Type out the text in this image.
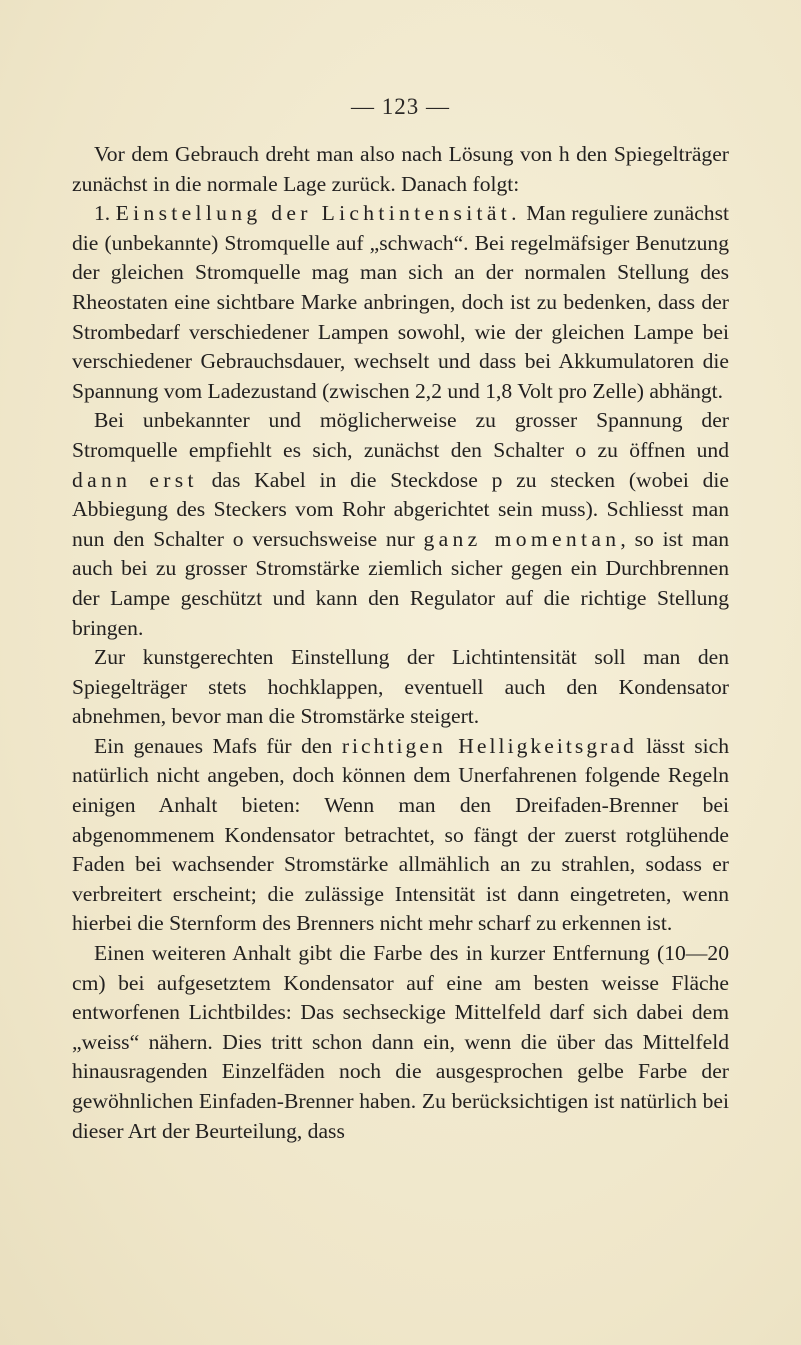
— 123 —

Vor dem Gebrauch dreht man also nach Lösung von h den Spiegelträger zunächst in die normale Lage zurück. Danach folgt:

1. Einstellung der Lichtintensität. Man reguliere zunächst die (unbekannte) Stromquelle auf „schwach“. Bei regelmäfsiger Benutzung der gleichen Stromquelle mag man sich an der normalen Stellung des Rheostaten eine sichtbare Marke anbringen, doch ist zu bedenken, dass der Strombedarf verschiedener Lampen sowohl, wie der gleichen Lampe bei verschiedener Gebrauchsdauer, wechselt und dass bei Akkumulatoren die Spannung vom Ladezustand (zwischen 2,2 und 1,8 Volt pro Zelle) abhängt.

Bei unbekannter und möglicherweise zu grosser Spannung der Stromquelle empfiehlt es sich, zunächst den Schalter o zu öffnen und dann erst das Kabel in die Steckdose p zu stecken (wobei die Abbiegung des Steckers vom Rohr abgerichtet sein muss). Schliesst man nun den Schalter o versuchsweise nur ganz momentan, so ist man auch bei zu grosser Stromstärke ziemlich sicher gegen ein Durchbrennen der Lampe geschützt und kann den Regulator auf die richtige Stellung bringen.

Zur kunstgerechten Einstellung der Lichtintensität soll man den Spiegelträger stets hochklappen, eventuell auch den Kondensator abnehmen, bevor man die Stromstärke steigert.

Ein genaues Mafs für den richtigen Helligkeitsgrad lässt sich natürlich nicht angeben, doch können dem Unerfahrenen folgende Regeln einigen Anhalt bieten: Wenn man den Dreifaden-Brenner bei abgenommenem Kondensator betrachtet, so fängt der zuerst rotglühende Faden bei wachsender Stromstärke allmählich an zu strahlen, sodass er verbreitert erscheint; die zulässige Intensität ist dann eingetreten, wenn hierbei die Sternform des Brenners nicht mehr scharf zu erkennen ist.

Einen weiteren Anhalt gibt die Farbe des in kurzer Entfernung (10—20 cm) bei aufgesetztem Kondensator auf eine am besten weisse Fläche entworfenen Lichtbildes: Das sechseckige Mittelfeld darf sich dabei dem „weiss“ nähern. Dies tritt schon dann ein, wenn die über das Mittelfeld hinausragenden Einzelfäden noch die ausgesprochen gelbe Farbe der gewöhnlichen Einfaden-Brenner haben. Zu berücksichtigen ist natürlich bei dieser Art der Beurteilung, dass
